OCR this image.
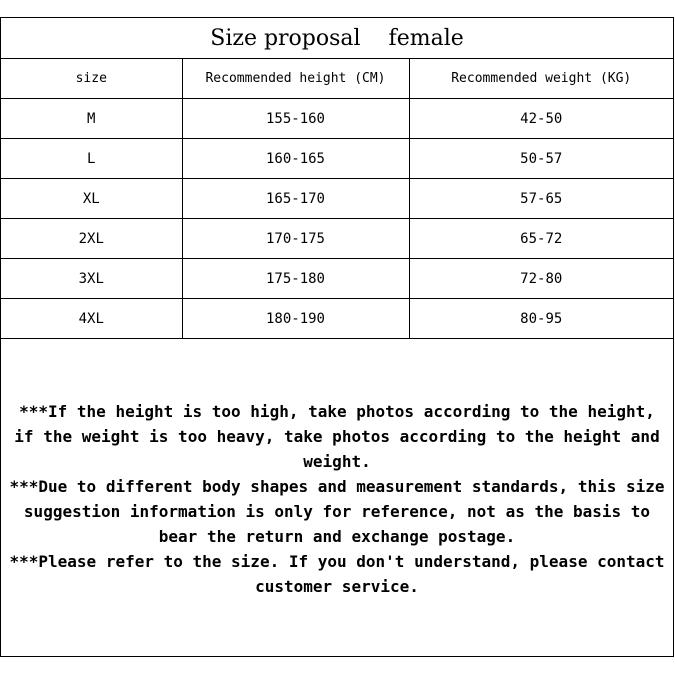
Size proposal    female
size	Recommended height (CM)	Recommended weight (KG)
M	155-160	42-50
L	160-165	50-57
XL	165-170	57-65
2XL	170-175	65-72
3XL	175-180	72-80
4XL	180-190	80-95
***If the height is too high, take photos according to the height, if the weight is too heavy, take photos according to the height and weight.
***Due to different body shapes and measurement standards, this size suggestion information is only for reference, not as the basis to bear the return and exchange postage.
***Please refer to the size. If you don't understand, please contact customer service.
